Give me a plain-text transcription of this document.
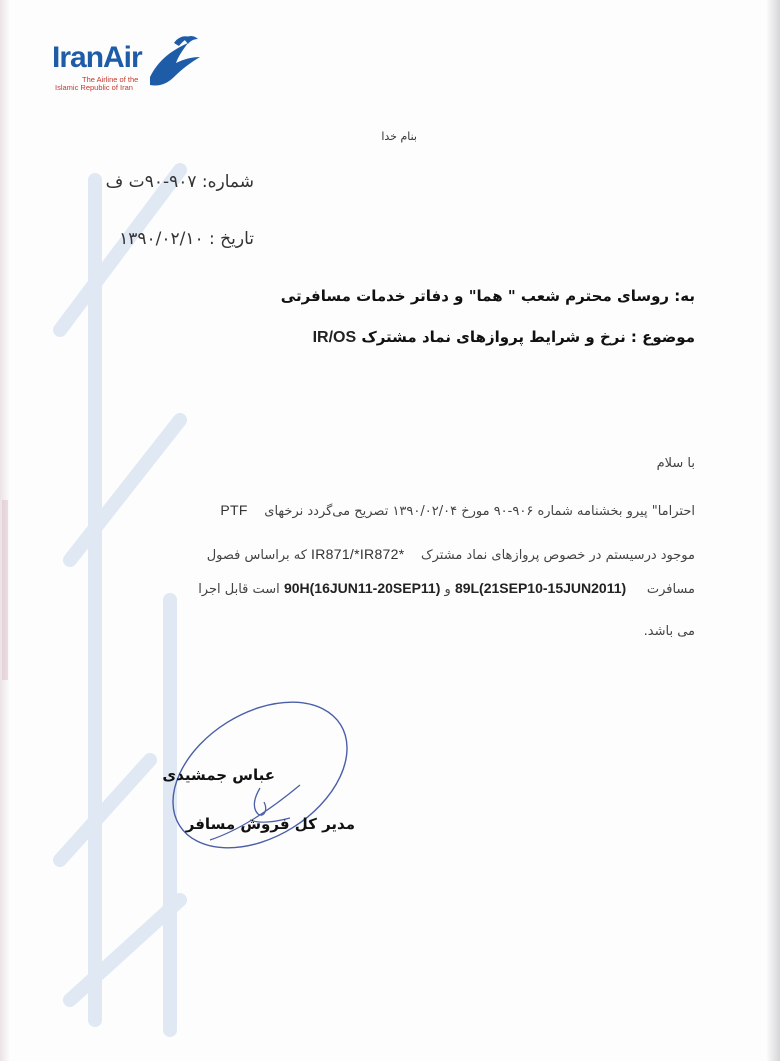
IranAir
The Airline of the
Islamic Republic of Iran
بنام خدا
شماره: ۹۰۷-۹۰ت ف
تاریخ : ۱۳۹۰/۰۲/۱۰
به: روسای محترم شعب " هما" و دفاتر خدمات مسافرتی
موضوع : نرخ و شرایط پروازهای نماد مشترک IR/OS
با سلام
احتراما" پیرو بخشنامه شماره ۹۰۶-۹۰ مورخ ۱۳۹۰/۰۲/۰۴ تصریح می‌گردد نرخهای    PTF
موجود درسیستم در خصوص پروازهای نماد مشترک    IR871/*IR872* که براساس فصول
مسافرت     89L(21SEP10-15JUN2011) و 90H(16JUN11-20SEP11) است قابل اجرا
می باشد.
عباس جمشیدی
مدیر کل فروش مسافر
